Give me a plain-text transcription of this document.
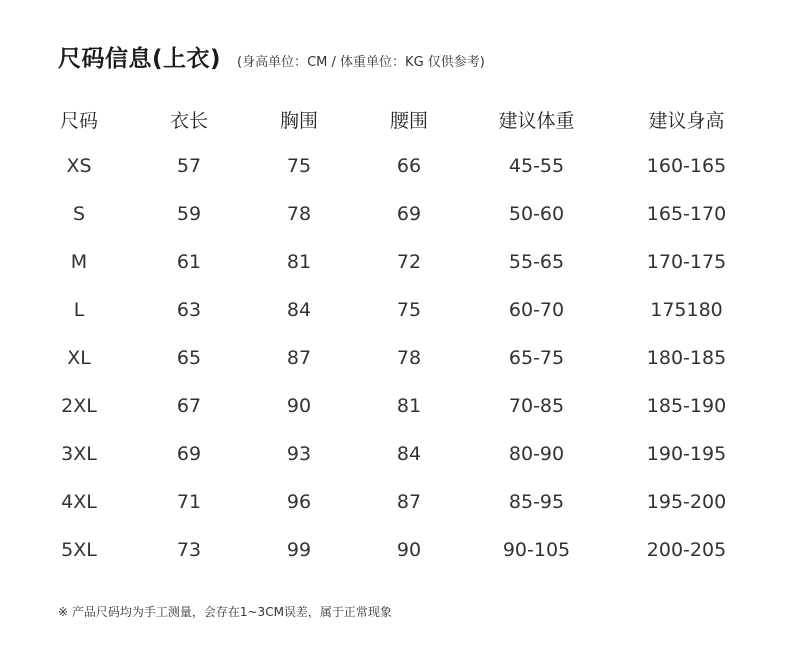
尺码信息(上衣) (身高单位：CM / 体重单位：KG 仅供参考)
尺码	衣长	胸围	腰围	建议体重	建议身高
XS	57	75	66	45-55	160-165
S	59	78	69	50-60	165-170
M	61	81	72	55-65	170-175
L	63	84	75	60-70	175180
XL	65	87	78	65-75	180-185
2XL	67	90	81	70-85	185-190
3XL	69	93	84	80-90	190-195
4XL	71	96	87	85-95	195-200
5XL	73	99	90	90-105	200-205
※ 产品尺码均为手工测量，会存在1~3CM误差，属于正常现象
